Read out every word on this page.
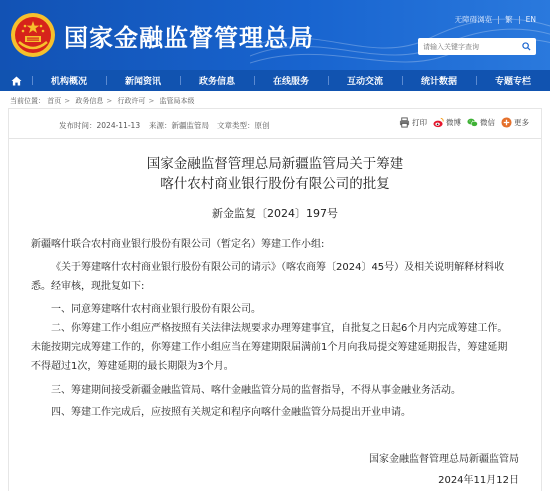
国家金融监督管理总局
无障碍浏览 繁 EN
请输入关键字查询
机构概况	新闻资讯	政务信息	在线服务	互动交流	统计数据	专题专栏
当前位置： 首页 > 政务信息 > 行政许可 > 监管局本级
发布时间：2024-11-13 来源：新疆监管局 文章类型：原创	打印	微博	微信	更多
国家金融监督管理总局新疆监管局关于筹建
喀什农村商业银行股份有限公司的批复
新金监复〔2024〕197号
新疆喀什联合农村商业银行股份有限公司（暂定名）筹建工作小组:
《关于筹建喀什农村商业银行股份有限公司的请示》（喀农商筹〔2024〕45号）及相关说明解释材料收
悉。经审核，现批复如下:
一、同意筹建喀什农村商业银行股份有限公司。
二、你筹建工作小组应严格按照有关法律法规要求办理筹建事宜，自批复之日起6个月内完成筹建工作。
未能按期完成筹建工作的，你筹建工作小组应当在筹建期限届满前1个月向我局提交筹建延期报告，筹建延期
不得超过1次，筹建延期的最长期限为3个月。
三、筹建期间接受新疆金融监管局、喀什金融监管分局的监督指导，不得从事金融业务活动。
四、筹建工作完成后，应按照有关规定和程序向喀什金融监管分局提出开业申请。
国家金融监督管理总局新疆监管局
2024年11月12日
